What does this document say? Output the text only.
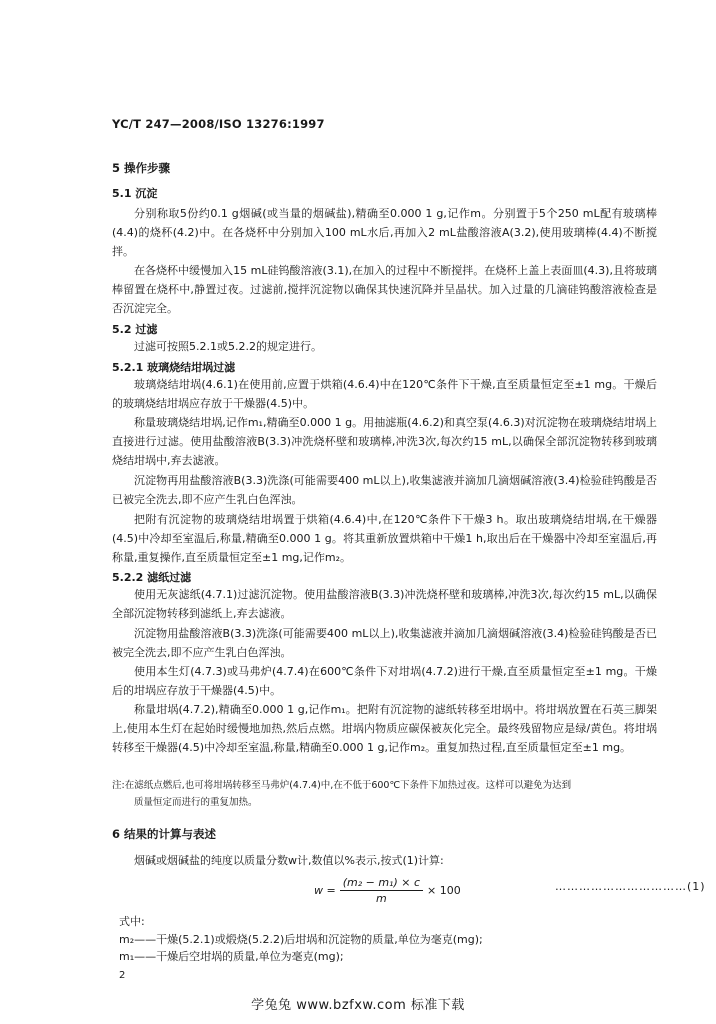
YC/T 247—2008/ISO 13276:1997
5 操作步骤
5.1 沉淀

分别称取5份约0.1 g烟碱(或当量的烟碱盐),精确至0.000 1 g,记作m。分别置于5个250 mL配有玻璃棒(4.4)的烧杯(4.2)中。在各烧杯中分别加入100 mL水后,再加入2 mL盐酸溶液A(3.2),使用玻璃棒(4.4)不断搅拌。

在各烧杯中缓慢加入15 mL硅钨酸溶液(3.1),在加入的过程中不断搅拌。在烧杯上盖上表面皿(4.3),且将玻璃棒留置在烧杯中,静置过夜。过滤前,搅拌沉淀物以确保其快速沉降并呈晶状。加入过量的几滴硅钨酸溶液检查是否沉淀完全。

5.2 过滤

过滤可按照5.2.1或5.2.2的规定进行。

5.2.1 玻璃烧结坩埚过滤

玻璃烧结坩埚(4.6.1)在使用前,应置于烘箱(4.6.4)中在120℃条件下干燥,直至质量恒定至±1 mg。干燥后的玻璃烧结坩埚应存放于干燥器(4.5)中。

称量玻璃烧结坩埚,记作m₁,精确至0.000 1 g。用抽滤瓶(4.6.2)和真空泵(4.6.3)对沉淀物在玻璃烧结坩埚上直接进行过滤。使用盐酸溶液B(3.3)冲洗烧杯壁和玻璃棒,冲洗3次,每次约15 mL,以确保全部沉淀物转移到玻璃烧结坩埚中,弃去滤液。

沉淀物再用盐酸溶液B(3.3)洗涤(可能需要400 mL以上),收集滤液并滴加几滴烟碱溶液(3.4)检验硅钨酸是否已被完全洗去,即不应产生乳白色浑浊。

把附有沉淀物的玻璃烧结坩埚置于烘箱(4.6.4)中,在120℃条件下干燥3 h。取出玻璃烧结坩埚,在干燥器(4.5)中冷却至室温后,称量,精确至0.000 1 g。将其重新放置烘箱中干燥1 h,取出后在干燥器中冷却至室温后,再称量,重复操作,直至质量恒定至±1 mg,记作m₂。

5.2.2 滤纸过滤

使用无灰滤纸(4.7.1)过滤沉淀物。使用盐酸溶液B(3.3)冲洗烧杯壁和玻璃棒,冲洗3次,每次约15 mL,以确保全部沉淀物转移到滤纸上,弃去滤液。

沉淀物用盐酸溶液B(3.3)洗涤(可能需要400 mL以上),收集滤液并滴加几滴烟碱溶液(3.4)检验硅钨酸是否已被完全洗去,即不应产生乳白色浑浊。

使用本生灯(4.7.3)或马弗炉(4.7.4)在600℃条件下对坩埚(4.7.2)进行干燥,直至质量恒定至±1 mg。干燥后的坩埚应存放于干燥器(4.5)中。

称量坩埚(4.7.2),精确至0.000 1 g,记作m₁。把附有沉淀物的滤纸转移至坩埚中。将坩埚放置在石英三脚架上,使用本生灯在起始时缓慢地加热,然后点燃。坩埚内物质应碳保被灰化完全。最终残留物应是绿/黄色。将坩埚转移至干燥器(4.5)中冷却至室温,称量,精确至0.000 1 g,记作m₂。重复加热过程,直至质量恒定至±1 mg。

注:在滤纸点燃后,也可将坩埚转移至马弗炉(4.7.4)中,在不低于600℃下条件下加热过夜。这样可以避免为达到
质量恒定而进行的重复加热。

6 结果的计算与表述

烟碱或烟碱盐的纯度以质量分数w计,数值以%表示,按式(1)计算:

$w = \frac{\text{(m₂ − m₁) × c}}{m} \times 100$	……………………………(1)
式中:
m₂——干燥(5.2.1)或煅烧(5.2.2)后坩埚和沉淀物的质量,单位为毫克(mg);
m₁——干燥后空坩埚的质量,单位为毫克(mg);
2
学兔兔 www.bzfxw.com 标准下载
